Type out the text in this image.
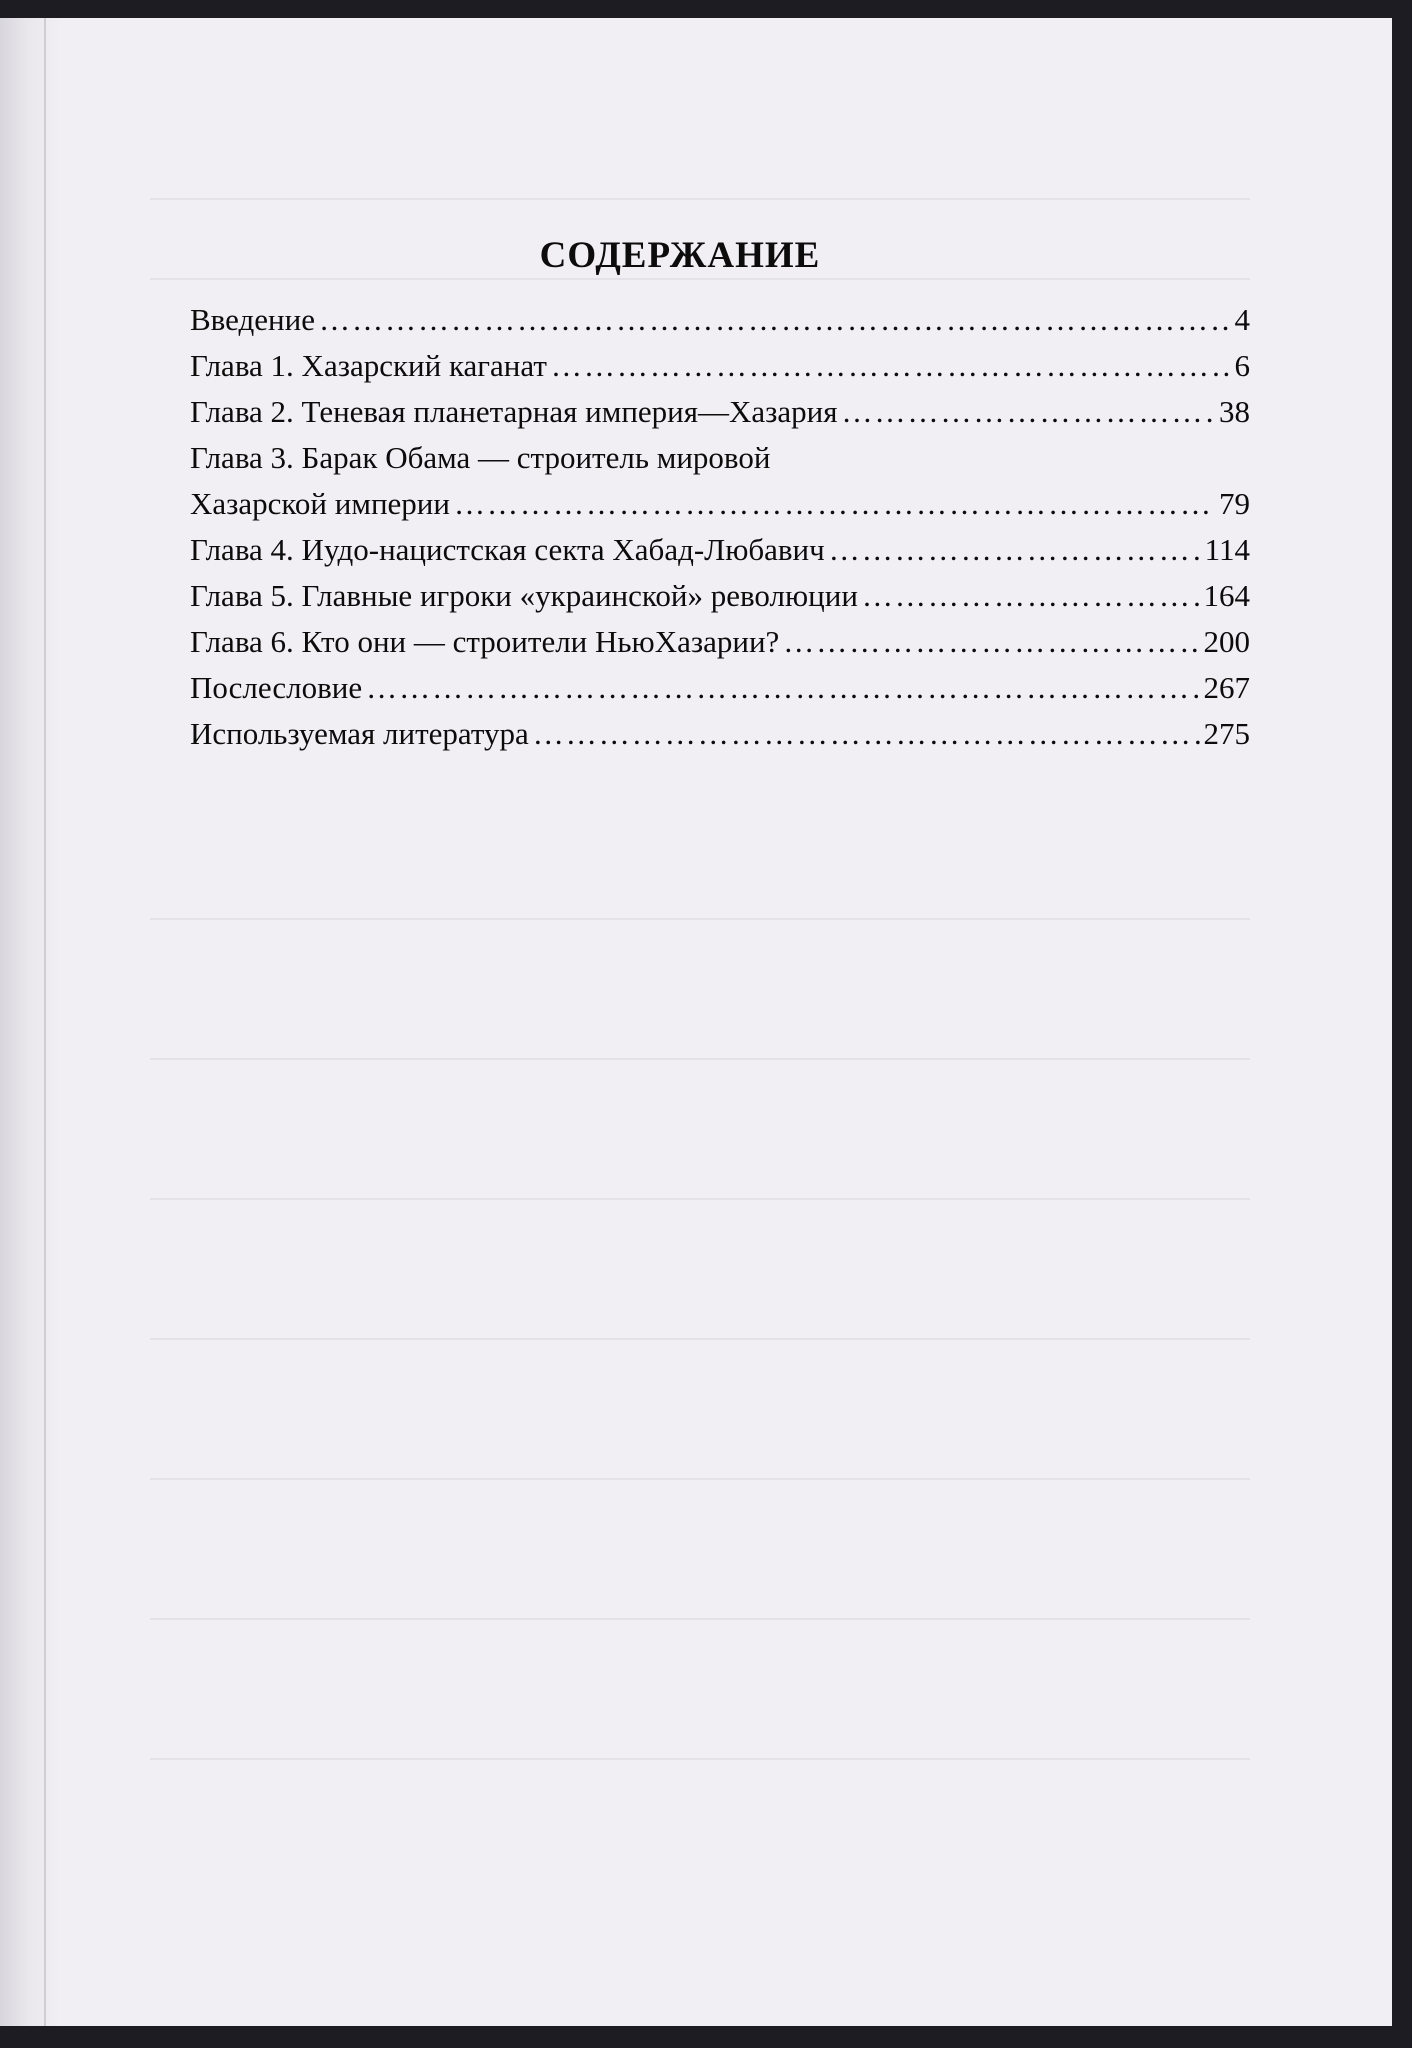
СОДЕРЖАНИЕ
Введение ……………………………………………………………………………………………………………………………………………	4
Глава 1. Хазарский каганат ……………………………………………………………………………………………………………………………………………	6
Глава 2. Теневая планетарная империя—Хазария ……………………………………………………………………………………………………………………………………………	38
Глава 3. Барак Обама — строитель мировой
Хазарской империи ……………………………………………………………………………………………………………………………………………	79
Глава 4. Иудо-нацистская секта Хабад-Любавич ……………………………………………………………………………………………………………………………………………	114
Глава 5. Главные игроки «украинской» революции ……………………………………………………………………………………………………………………………………………	164
Глава 6. Кто они — строители НьюХазарии? ……………………………………………………………………………………………………………………………………………	200
Послесловие ……………………………………………………………………………………………………………………………………………	267
Используемая литература ……………………………………………………………………………………………………………………………………………	275
